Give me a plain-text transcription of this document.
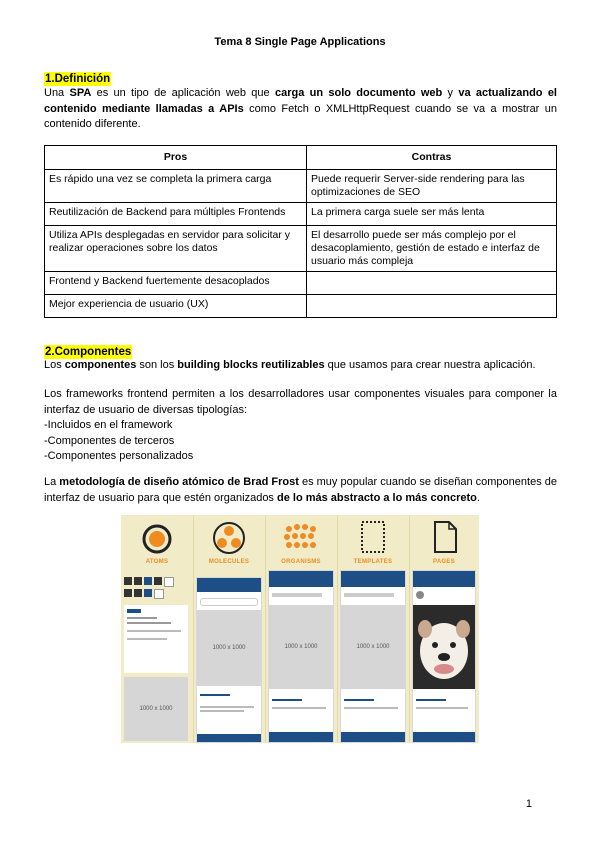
Tema 8 Single Page Applications
1.Definición
Una SPA es un tipo de aplicación web que carga un solo documento web y va actualizando el contenido mediante llamadas a APIs como Fetch o XMLHttpRequest cuando se va a mostrar un contenido diferente.
Pros	Contras
Es rápido una vez se completa la primera carga	Puede requerir Server-side rendering para las optimizaciones de SEO
Reutilización de Backend para múltiples Frontends	La primera carga suele ser más lenta
Utiliza APIs desplegadas en servidor para solicitar y realizar operaciones sobre los datos	El desarrollo puede ser más complejo por el desacoplamiento, gestión de estado e interfaz de usuario más compleja
Frontend y Backend fuertemente desacoplados	
Mejor experiencia de usuario (UX)	
2.Componentes
Los componentes son los building blocks reutilizables que usamos para crear nuestra aplicación.
Los frameworks frontend permiten a los desarrolladores usar componentes visuales para componer la interfaz de usuario de diversas tipologías:
-Incluidos en el framework
-Componentes de terceros
-Componentes personalizados
La metodología de diseño atómico de Brad Frost es muy popular cuando se diseñan componentes de interfaz de usuario para que estén organizados de lo más abstracto a lo más concreto.
ATOMS
1000 x 1000
MOLECULES
1000 x 1000
ORGANISMS
1000 x 1000
TEMPLATES
1000 x 1000
PAGES
1
